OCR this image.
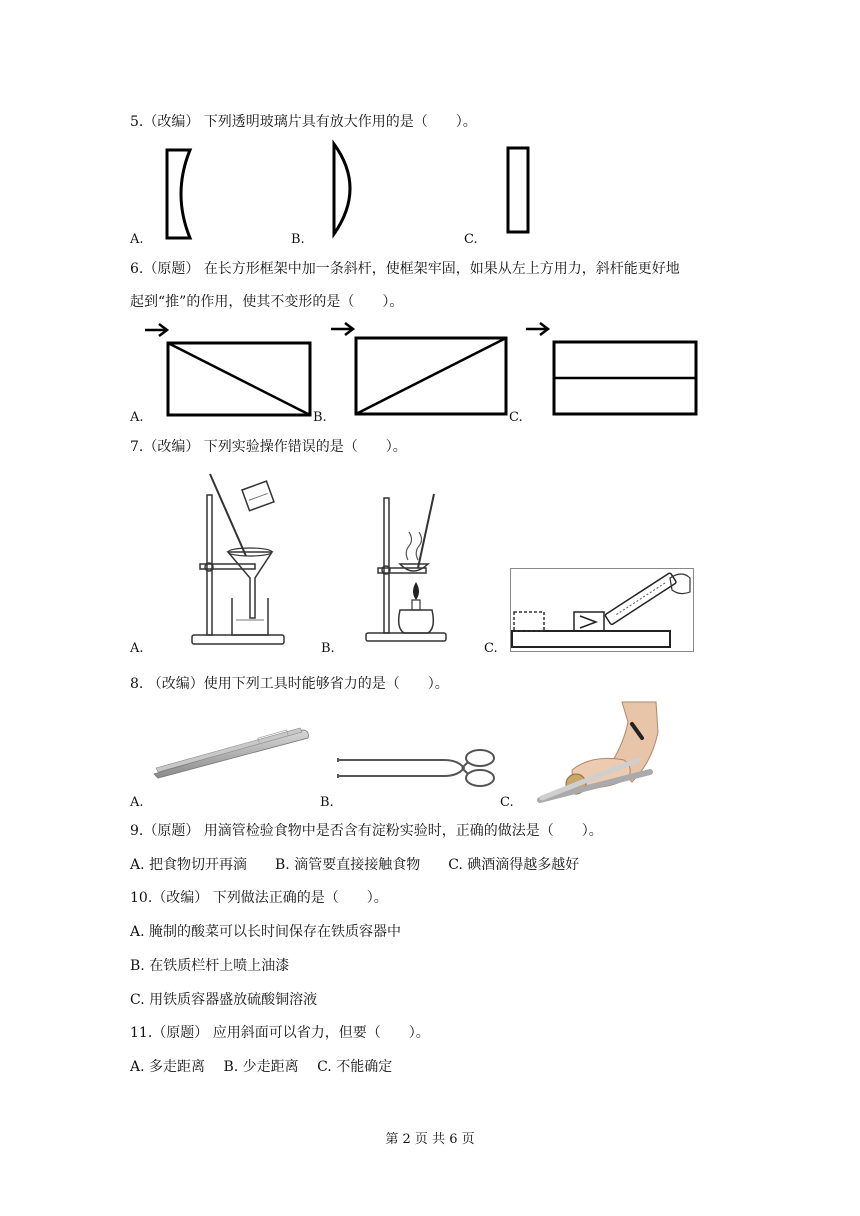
5.（改编） 下列透明玻璃片具有放大作用的是（　　）。
A.	B.	C.
6.（原题） 在长方形框架中加一条斜杆，使框架牢固，如果从左上方用力，斜杆能更好地
起到“推”的作用，使其不变形的是（　　）。
A.	B.	C.
7.（改编） 下列实验操作错误的是（　　）。
A.	B.	C.
8. （改编）使用下列工具时能够省力的是（　　）。
A.	B.	C.
9.（原题） 用滴管检验食物中是否含有淀粉实验时，正确的做法是（　　）。
A. 把食物切开再滴　　B. 滴管要直接接触食物　　C. 碘酒滴得越多越好
10.（改编） 下列做法正确的是（　　）。
A. 腌制的酸菜可以长时间保存在铁质容器中
B. 在铁质栏杆上喷上油漆
C. 用铁质容器盛放硫酸铜溶液
11.（原题） 应用斜面可以省力，但要（　　）。
A. 多走距离　 B. 少走距离　 C. 不能确定
第 2 页 共 6 页
